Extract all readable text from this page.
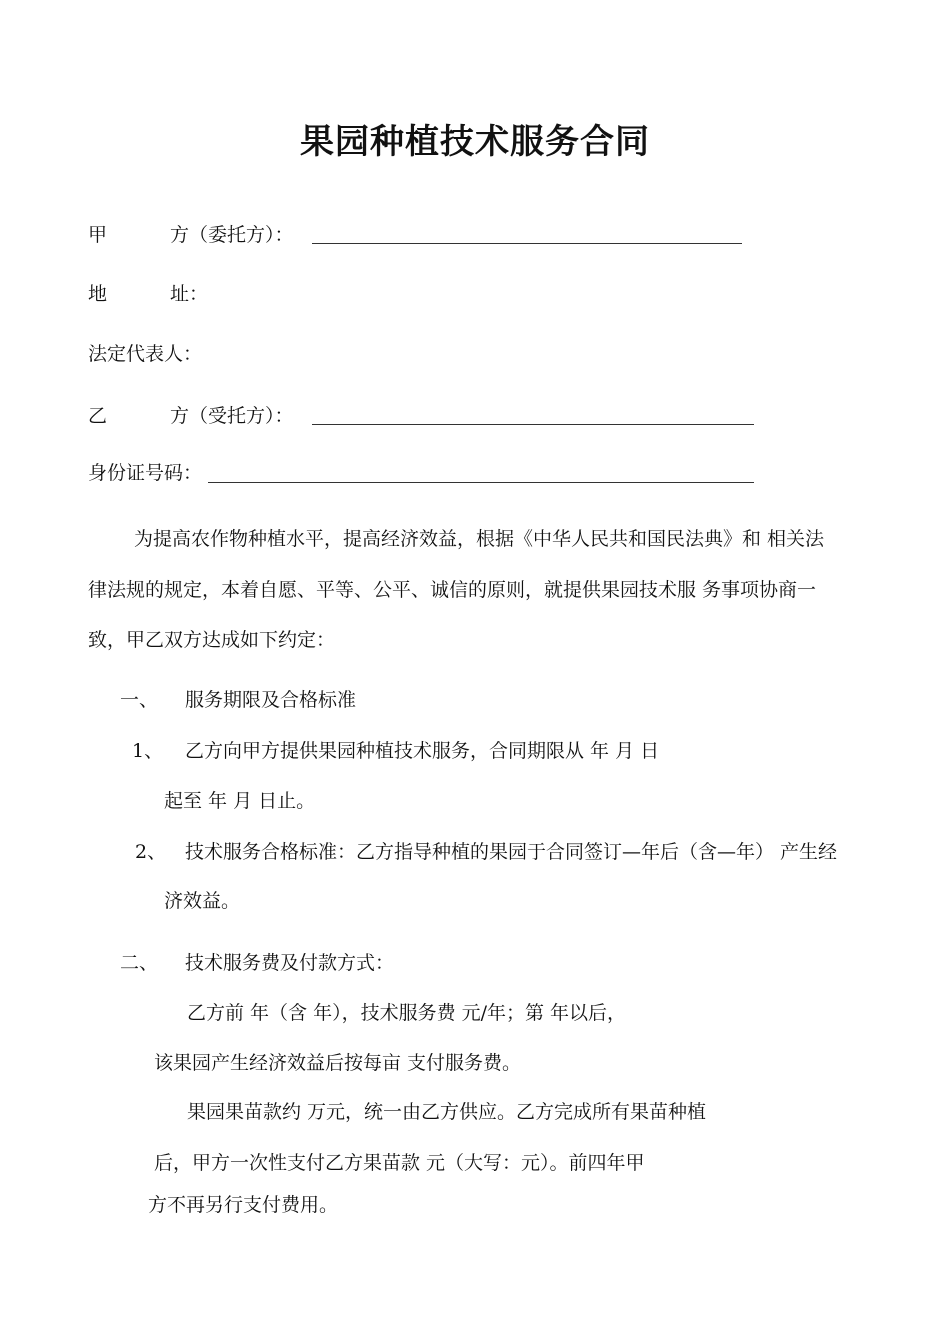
果园种植技术服务合同
甲	方（委托方）：
地	址：
法定代表人：
乙	方（受托方）：
身份证号码：
为提高农作物种植水平，提高经济效益，根据《中华人民共和国民法典》和 相关法
律法规的规定，本着自愿、平等、公平、诚信的原则，就提供果园技术服 务事项协商一
致，甲乙双方达成如下约定：
一、 服务期限及合格标准
1、 乙方向甲方提供果园种植技术服务，合同期限从 年 月 日
起至 年 月 日止。
2、 技术服务合格标准：乙方指导种植的果园于合同签订—年后（含—年） 产生经
济效益。
二、 技术服务费及付款方式：
乙方前 年（含 年），技术服务费 元/年；第 年以后，
该果园产生经济效益后按每亩 支付服务费。
果园果苗款约 万元，统一由乙方供应。乙方完成所有果苗种植
后，甲方一次性支付乙方果苗款 元（大写：元）。前四年甲
方不再另行支付费用。
